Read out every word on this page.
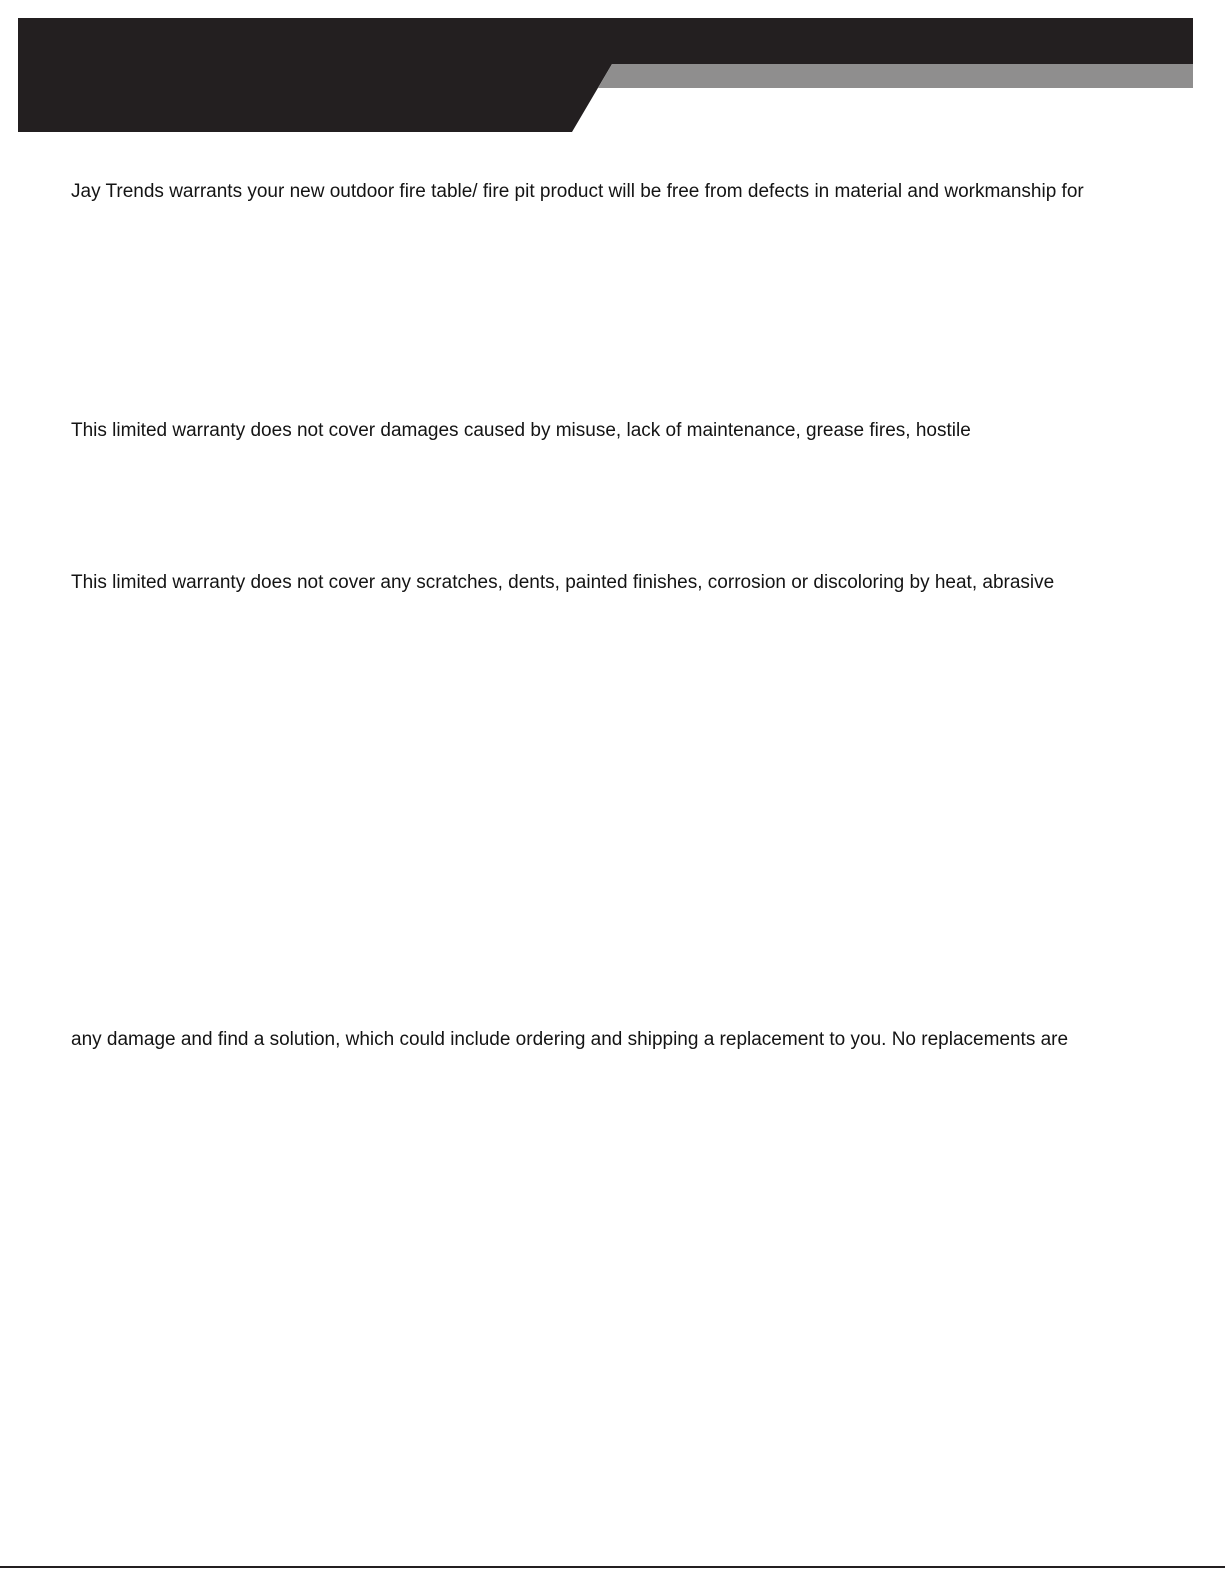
Jay Trends warrants your new outdoor fire table/ fire pit product will be free from defects in material and workmanship for

This limited warranty does not cover damages caused by misuse, lack of maintenance, grease fires, hostile

This limited warranty does not cover any scratches, dents, painted finishes, corrosion or discoloring by heat, abrasive

any damage and find a solution, which could include ordering and shipping a replacement to you. No replacements are
